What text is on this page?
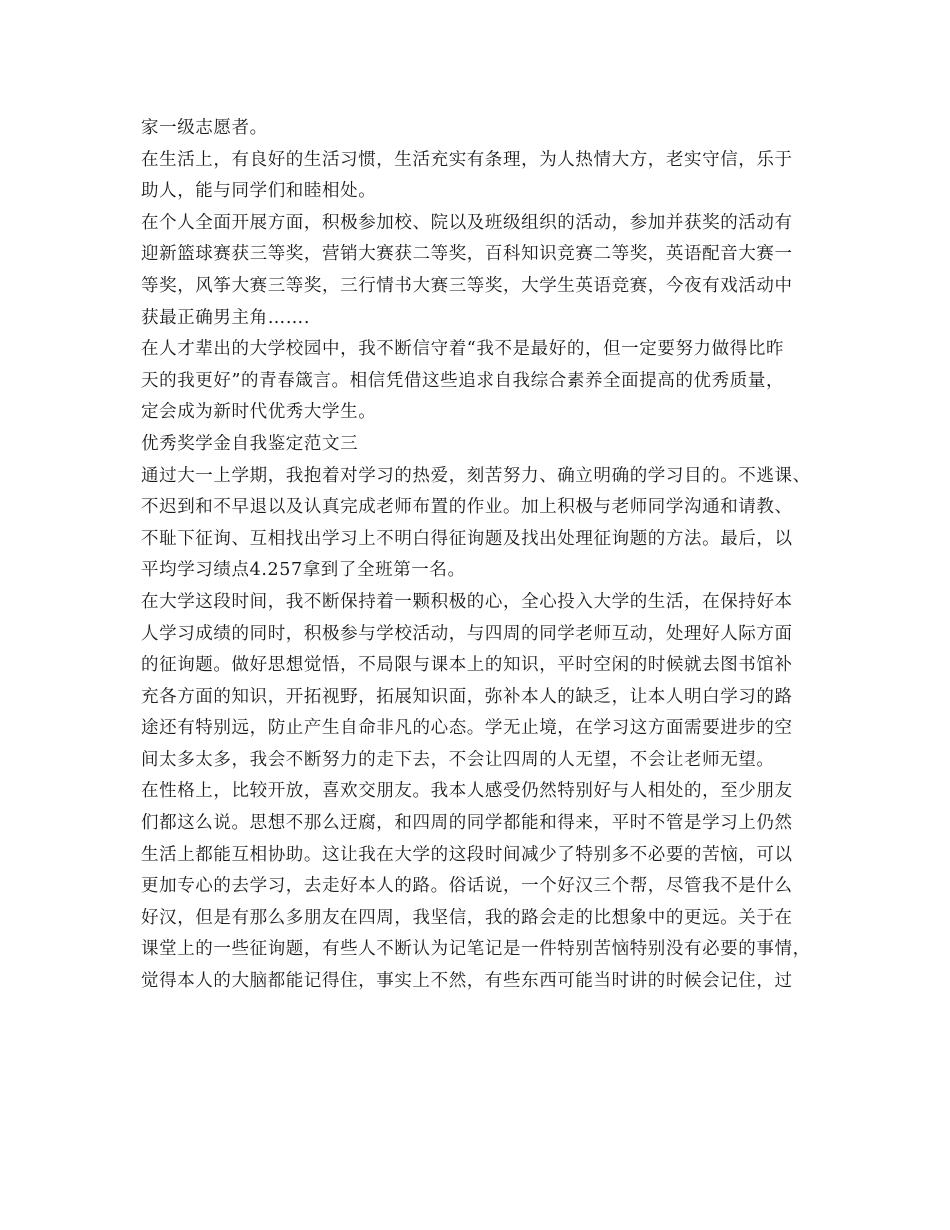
家一级志愿者。
在生活上，有良好的生活习惯，生活充实有条理，为人热情大方，老实守信，乐于
助人，能与同学们和睦相处。
在个人全面开展方面，积极参加校、院以及班级组织的活动，参加并获奖的活动有
迎新篮球赛获三等奖，营销大赛获二等奖，百科知识竞赛二等奖，英语配音大赛一
等奖，风筝大赛三等奖，三行情书大赛三等奖，大学生英语竞赛，今夜有戏活动中
获最正确男主角…….
在人才辈出的大学校园中，我不断信守着“我不是最好的，但一定要努力做得比昨
天的我更好”的青春箴言。相信凭借这些追求自我综合素养全面提高的优秀质量，
定会成为新时代优秀大学生。
优秀奖学金自我鉴定范文三
通过大一上学期，我抱着对学习的热爱，刻苦努力、确立明确的学习目的。不逃课、
不迟到和不早退以及认真完成老师布置的作业。加上积极与老师同学沟通和请教、
不耻下征询、互相找出学习上不明白得征询题及找出处理征询题的方法。最后，以
平均学习绩点4.257拿到了全班第一名。
在大学这段时间，我不断保持着一颗积极的心，全心投入大学的生活，在保持好本
人学习成绩的同时，积极参与学校活动，与四周的同学老师互动，处理好人际方面
的征询题。做好思想觉悟，不局限与课本上的知识，平时空闲的时候就去图书馆补
充各方面的知识，开拓视野，拓展知识面，弥补本人的缺乏，让本人明白学习的路
途还有特别远，防止产生自命非凡的心态。学无止境，在学习这方面需要进步的空
间太多太多，我会不断努力的走下去，不会让四周的人无望，不会让老师无望。
在性格上，比较开放，喜欢交朋友。我本人感受仍然特别好与人相处的，至少朋友
们都这么说。思想不那么迂腐，和四周的同学都能和得来，平时不管是学习上仍然
生活上都能互相协助。这让我在大学的这段时间减少了特别多不必要的苦恼，可以
更加专心的去学习，去走好本人的路。俗话说，一个好汉三个帮，尽管我不是什么
好汉，但是有那么多朋友在四周，我坚信，我的路会走的比想象中的更远。关于在
课堂上的一些征询题，有些人不断认为记笔记是一件特别苦恼特别没有必要的事情，
觉得本人的大脑都能记得住，事实上不然，有些东西可能当时讲的时候会记住，过
